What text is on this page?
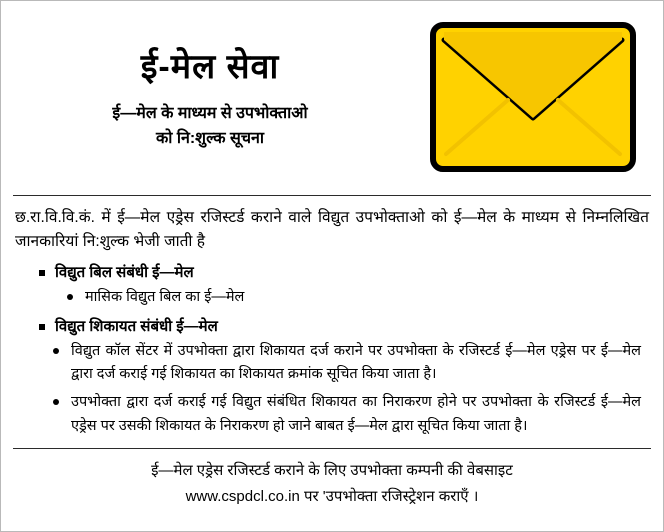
ई-मेल सेवा
ई—मेल के माध्यम से उपभोक्ताओ
को नि:शुल्क सूचना

छ.रा.वि.वि.कं. में ई—मेल एड्रेस रजिस्टर्ड कराने वाले विद्युत उपभोक्ताओ को ई—मेल के माध्यम से निम्नलिखित जानकारियां नि:शुल्क भेजी जाती है

विद्युत बिल संबंधी ई—मेल
मासिक विद्युत बिल का ई—मेल
विद्युत शिकायत संबंधी ई—मेल
विद्युत कॉल सेंटर में उपभोक्ता द्वारा शिकायत दर्ज कराने पर उपभोक्ता के रजिस्टर्ड ई—मेल एड्रेस पर ई—मेल द्वारा दर्ज कराई गई शिकायत का शिकायत क्रमांक सूचित किया जाता है।
उपभोक्ता द्वारा दर्ज कराई गई विद्युत संबंधित शिकायत का निराकरण होने पर उपभोक्ता के रजिस्टर्ड ई—मेल एड्रेस पर उसकी शिकायत के निराकरण हो जाने बाबत ई—मेल द्वारा सूचित किया जाता है।
ई—मेल एड्रेस रजिस्टर्ड कराने के लिए उपभोक्ता कम्पनी की वेबसाइट
www.cspdcl.co.in पर 'उपभोक्ता रजिस्ट्रेशन कराएँ ।
